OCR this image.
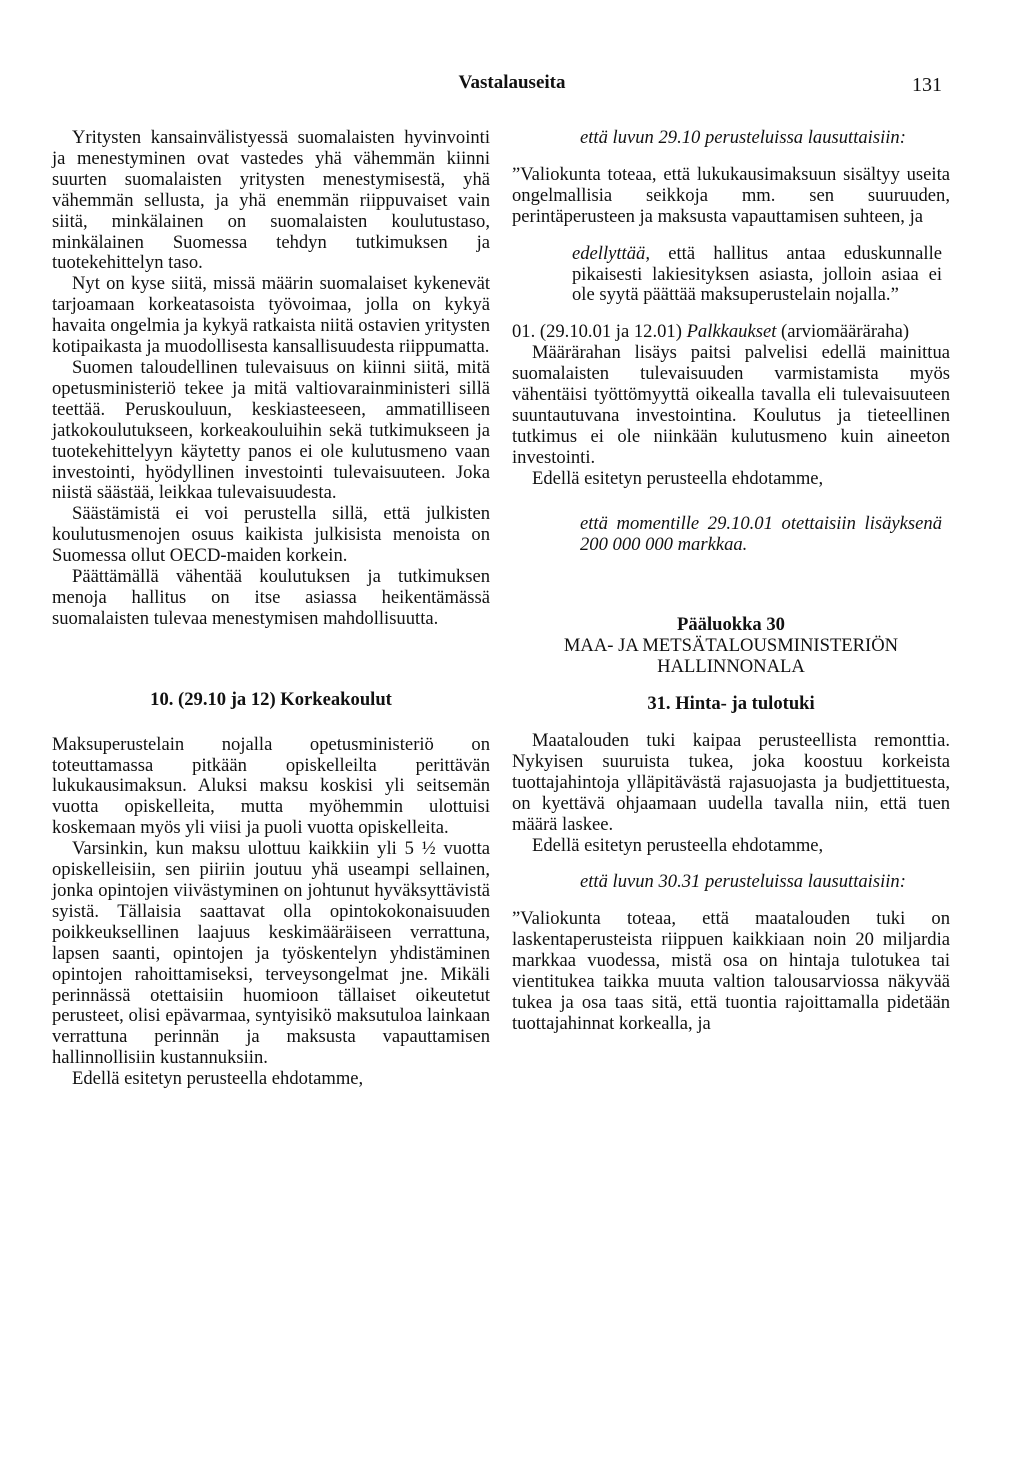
Vastalauseita	131

Yritysten kansainvälistyessä suomalaisten hyvinvointi ja menestyminen ovat vastedes yhä vähemmän kiinni suurten suomalaisten yritysten menestymisestä, yhä vähemmän sellusta, ja yhä enemmän riippuvaiset vain siitä, minkälainen on suomalaisten koulutustaso, minkälainen Suomessa tehdyn tutkimuksen ja tuotekehittelyn taso.

Nyt on kyse siitä, missä määrin suomalaiset kykenevät tarjoamaan korkeatasoista työvoimaa, jolla on kykyä havaita ongelmia ja kykyä ratkaista niitä ostavien yritysten kotipaikasta ja muodollisesta kansallisuudesta riippumatta.

Suomen taloudellinen tulevaisuus on kiinni siitä, mitä opetusministeriö tekee ja mitä valtiovarainministeri sillä teettää. Peruskouluun, keskiasteeseen, ammatilliseen jatkokoulutukseen, korkeakouluihin sekä tutkimukseen ja tuotekehittelyyn käytetty panos ei ole kulutusmeno vaan investointi, hyödyllinen investointi tulevaisuuteen. Joka niistä säästää, leikkaa tulevaisuudesta.

Säästämistä ei voi perustella sillä, että julkisten koulutusmenojen osuus kaikista julkisista menoista on Suomessa ollut OECD-maiden korkein.

Päättämällä vähentää koulutuksen ja tutkimuksen menoja hallitus on itse asiassa heikentämässä suomalaisten tulevaa menestymisen mahdollisuutta.

10. (29.10 ja 12) Korkeakoulut

Maksuperustelain nojalla opetusministeriö on toteuttamassa pitkään opiskelleilta perittävän lukukausimaksun. Aluksi maksu koskisi yli seitsemän vuotta opiskelleita, mutta myöhemmin ulottuisi koskemaan myös yli viisi ja puoli vuotta opiskelleita.

Varsinkin, kun maksu ulottuu kaikkiin yli 5 ½ vuotta opiskelleisiin, sen piiriin joutuu yhä useampi sellainen, jonka opintojen viivästyminen on johtunut hyväksyttävistä syistä. Tällaisia saattavat olla opintokokonaisuuden poikkeuksellinen laajuus keskimääräiseen verrattuna, lapsen saanti, opintojen ja työskentelyn yhdistäminen opintojen rahoittamiseksi, terveysongelmat jne. Mikäli perinnässä otettaisiin huomioon tällaiset oikeutetut perusteet, olisi epävarmaa, syntyisikö maksutuloa lainkaan verrattuna perinnän ja maksusta vapauttamisen hallinnollisiin kustannuksiin.

Edellä esitetyn perusteella ehdotamme,

että luvun 29.10 perusteluissa lausuttaisiin:
”Valiokunta toteaa, että lukukausimaksuun sisältyy useita ongelmallisia seikkoja mm. sen suuruuden, perintäperusteen ja maksusta vapauttamisen suhteen, ja
edellyttää, että hallitus antaa eduskunnalle pikaisesti lakiesityksen asiasta, jolloin asiaa ei ole syytä päättää maksuperustelain nojalla.”
01. (29.10.01 ja 12.01) Palkkaukset (arviomääräraha)

Määrärahan lisäys paitsi palvelisi edellä mainittua suomalaisten tulevaisuuden varmistamista myös vähentäisi työttömyyttä oikealla tavalla eli tulevaisuuteen suuntautuvana investointina. Koulutus ja tieteellinen tutkimus ei ole niinkään kulutusmeno kuin aineeton investointi.

Edellä esitetyn perusteella ehdotamme,

että momentille 29.10.01 otettaisiin lisäyksenä 200 000 000 markkaa.
Pääluokka 30
MAA- JA METSÄTALOUSMINISTERIÖN HALLINNONALA
31. Hinta- ja tulotuki

Maatalouden tuki kaipaa perusteellista remonttia. Nykyisen suuruista tukea, joka koostuu korkeista tuottajahintoja ylläpitävästä rajasuojasta ja budjettituesta, on kyettävä ohjaamaan uudella tavalla niin, että tuen määrä laskee.

Edellä esitetyn perusteella ehdotamme,

että luvun 30.31 perusteluissa lausuttaisiin:
”Valiokunta toteaa, että maatalouden tuki on laskentaperusteista riippuen kaikkiaan noin 20 miljardia markkaa vuodessa, mistä osa on hintaja tulotukea tai vientitukea taikka muuta valtion talousarviossa näkyvää tukea ja osa taas sitä, että tuontia rajoittamalla pidetään tuottajahinnat korkealla, ja
